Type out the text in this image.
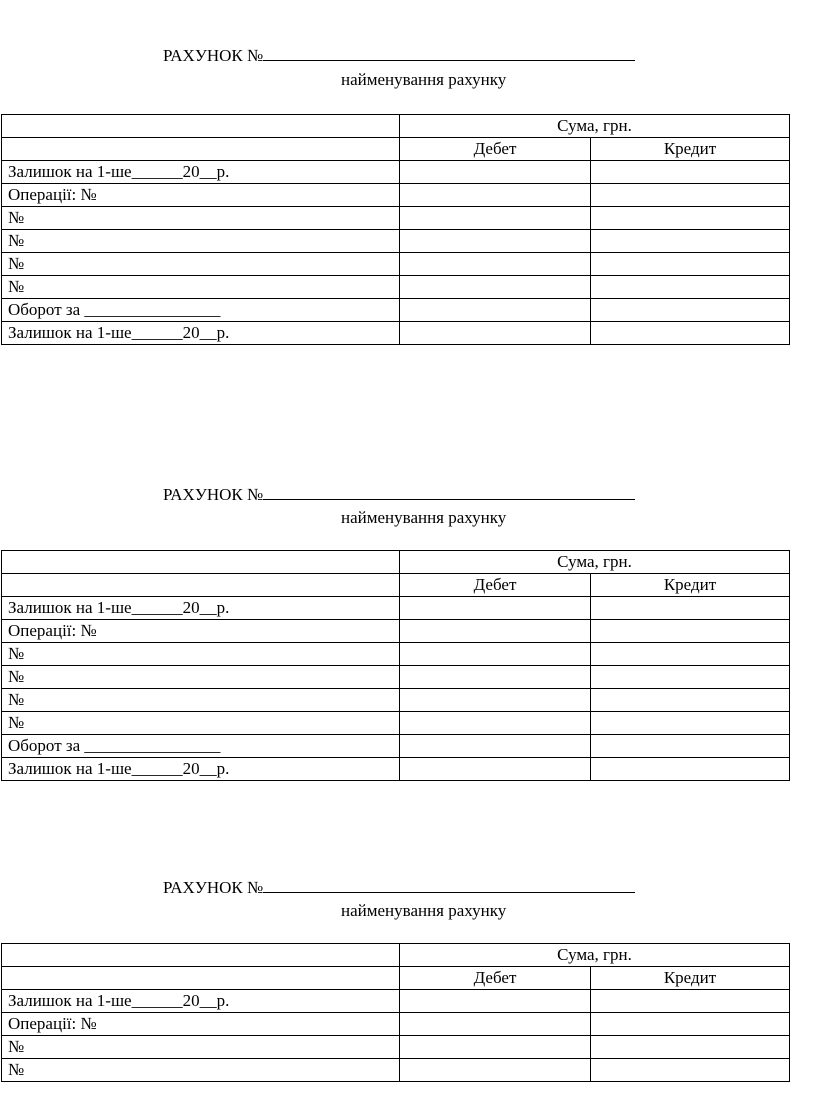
РАХУНОК №
найменування рахунку
	Сума, грн.	
	Дебет	Кредит
Залишок на 1-ше______20__р.		
Операції: №		
№		
№		
№		
№		
Оборот за ________________		
Залишок на 1-ше______20__р.		
РАХУНОК №
найменування рахунку
	Сума, грн.	
	Дебет	Кредит
Залишок на 1-ше______20__р.		
Операції: №		
№		
№		
№		
№		
Оборот за ________________		
Залишок на 1-ше______20__р.		
РАХУНОК №
найменування рахунку
	Сума, грн.	
	Дебет	Кредит
Залишок на 1-ше______20__р.		
Операції: №		
№		
№		
